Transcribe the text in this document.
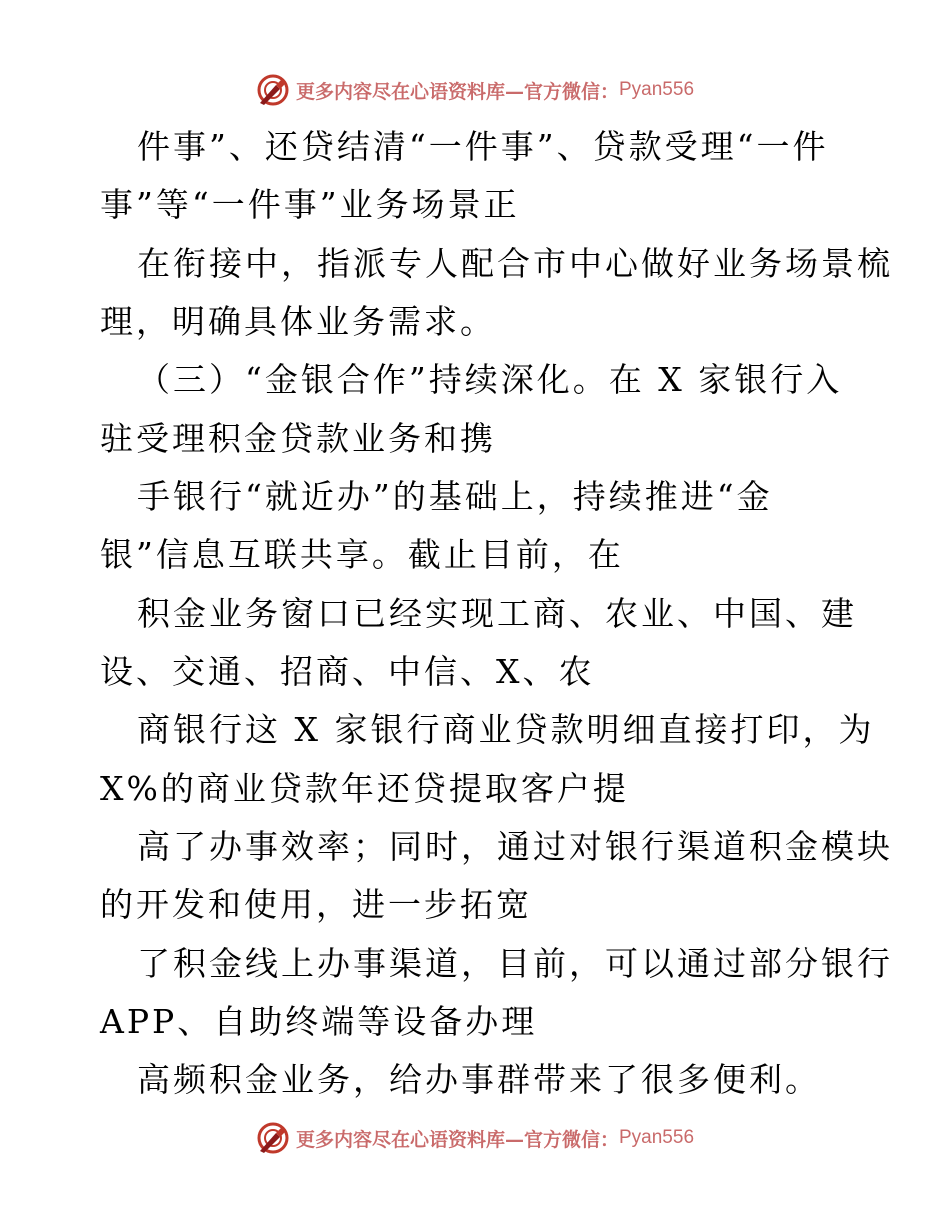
更多内容尽在心语资料库—官方微信： Pyan556
件事”、还贷结清“一件事”、贷款受理“一件
事”等“一件事”业务场景正
在衔接中，指派专人配合市中心做好业务场景梳
理，明确具体业务需求。
（三）“金银合作”持续深化。在 X 家银行入
驻受理积金贷款业务和携
手银行“就近办”的基础上，持续推进“金
银”信息互联共享。截止目前，在
积金业务窗口已经实现工商、农业、中国、建
设、交通、招商、中信、X、农
商银行这 X 家银行商业贷款明细直接打印，为
X%的商业贷款年还贷提取客户提
高了办事效率；同时，通过对银行渠道积金模块
的开发和使用，进一步拓宽
了积金线上办事渠道，目前，可以通过部分银行
APP、自助终端等设备办理
高频积金业务，给办事群带来了很多便利。
更多内容尽在心语资料库—官方微信： Pyan556
